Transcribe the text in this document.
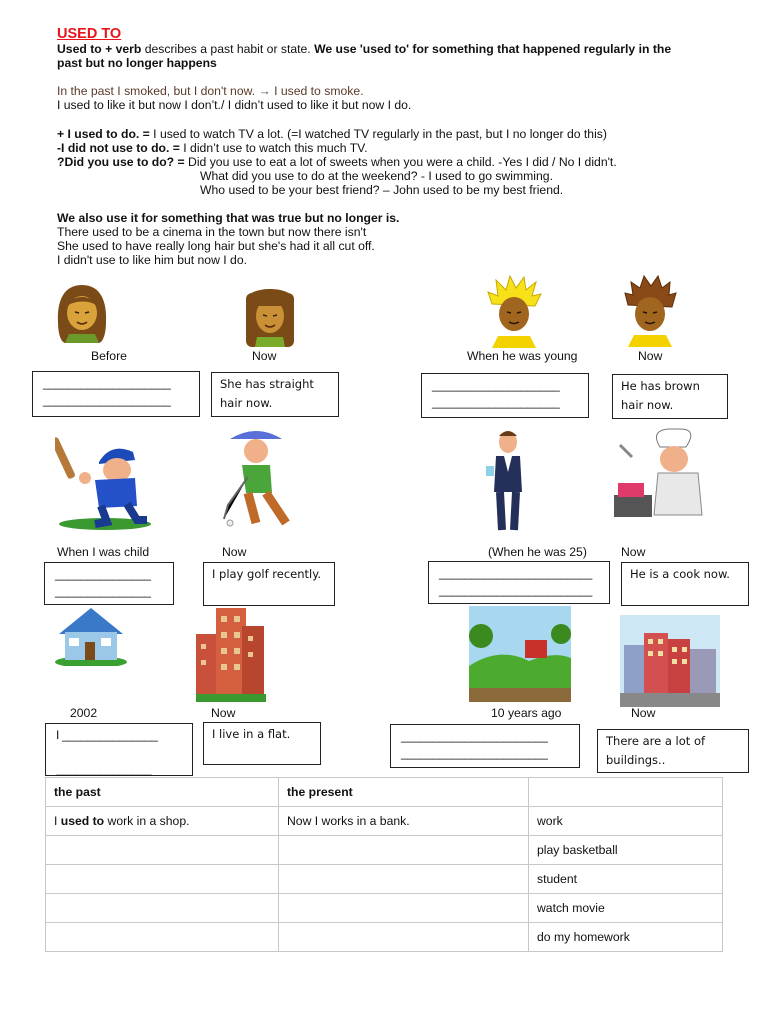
USED TO
Used to + verb describes a past habit or state. We use 'used to' for something that happened regularly in the
past but no longer happens
In the past I smoked, but I don't now. → I used to smoke.
I used to like it but now I don’t./ I didn’t used to like it but now I do.
+ I used to do. = I used to watch TV a lot. (=I watched TV regularly in the past, but I no longer do this)
-I did not use to do. = I didn’t use to watch this much TV.
?Did you use to do? = Did you use to eat a lot of sweets when you were a child. -Yes I did / No I didn't.
What did you use to do at the weekend? - I used to go swimming.
Who used to be your best friend? – John used to be my best friend.
We also use it for something that was true but no longer is.
There used to be a cinema in the town but now there isn't
She used to have really long hair but she's had it all cut off.
I didn't use to like him but now I do.
Before	Now	When he was young	Now
____________________
____________________
She has straight hair now.
____________________
____________________
He has brown hair now.
When I was child	Now	(When he was 25)	Now
_______________
_______________
I play golf recently.	________________________
________________________
He is a cook now.
2002	Now	10 years ago	Now
I _______________

_______________
I live in a flat.	_______________________
_______________________
There are a lot of buildings..
the past	the present	
I used to work in a shop.	Now I works in a bank.	work
		play basketball
		student
		watch movie
		do my homework
